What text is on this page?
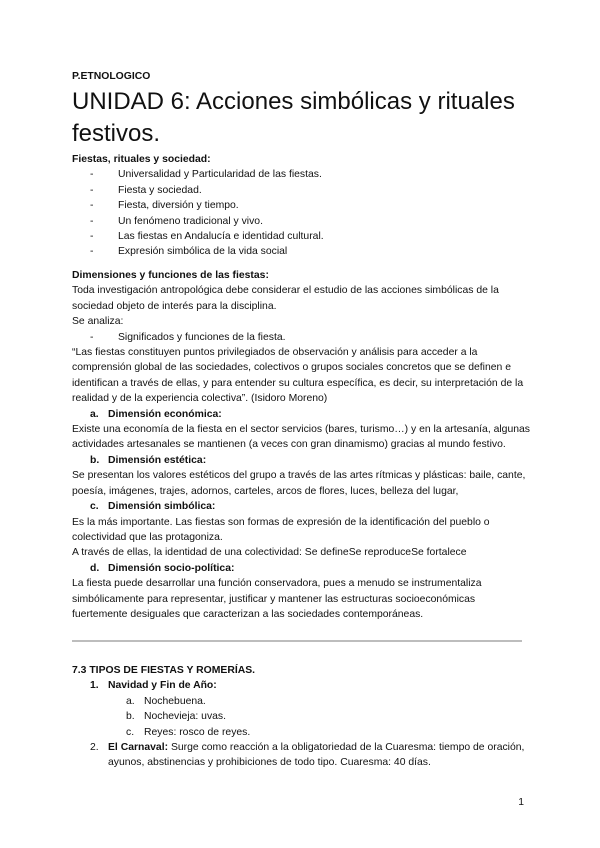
P.ETNOLOGICO
UNIDAD 6: Acciones simbólicas y rituales festivos.
Fiestas, rituales y sociedad:
- Universalidad y Particularidad de las fiestas.
- Fiesta y sociedad.
- Fiesta, diversión y tiempo.
- Un fenómeno tradicional y vivo.
- Las fiestas en Andalucía e identidad cultural.
- Expresión simbólica de la vida social
Dimensiones y funciones de las fiestas:
Toda investigación antropológica debe considerar el estudio de las acciones simbólicas de la sociedad objeto de interés para la disciplina.
Se analiza:
- Significados y funciones de la fiesta.
“Las fiestas constituyen puntos privilegiados de observación y análisis para acceder a la comprensión global de las sociedades, colectivos o grupos sociales concretos que se definen e identifican a través de ellas, y para entender su cultura específica, es decir, su interpretación de la realidad y de la experiencia colectiva”. (Isidoro Moreno)
a. Dimensión económica:
Existe una economía de la fiesta en el sector servicios (bares, turismo…) y en la artesanía, algunas actividades artesanales se mantienen (a veces con gran dinamismo) gracias al mundo festivo.
b. Dimensión estética:
Se presentan los valores estéticos del grupo a través de las artes rítmicas y plásticas: baile, cante, poesía, imágenes, trajes, adornos, carteles, arcos de flores, luces, belleza del lugar,
c. Dimensión simbólica:
Es la más importante. Las fiestas son formas de expresión de la identificación del pueblo o colectividad que las protagoniza.
A través de ellas, la identidad de una colectividad: Se defineSe reproduceSe fortalece
d. Dimensión socio-política:
La fiesta puede desarrollar una función conservadora, pues a menudo se instrumentaliza simbólicamente para representar, justificar y mantener las estructuras socioeconómicas fuertemente desiguales que caracterizan a las sociedades contemporáneas.
7.3 TIPOS DE FIESTAS Y ROMERÍAS.
1. Navidad y Fin de Año:
a. Nochebuena.
b. Nochevieja: uvas.
c. Reyes: rosco de reyes.
2. El Carnaval: Surge como reacción a la obligatoriedad de la Cuaresma: tiempo de oración, ayunos, abstinencias y prohibiciones de todo tipo. Cuaresma: 40 días.
1
